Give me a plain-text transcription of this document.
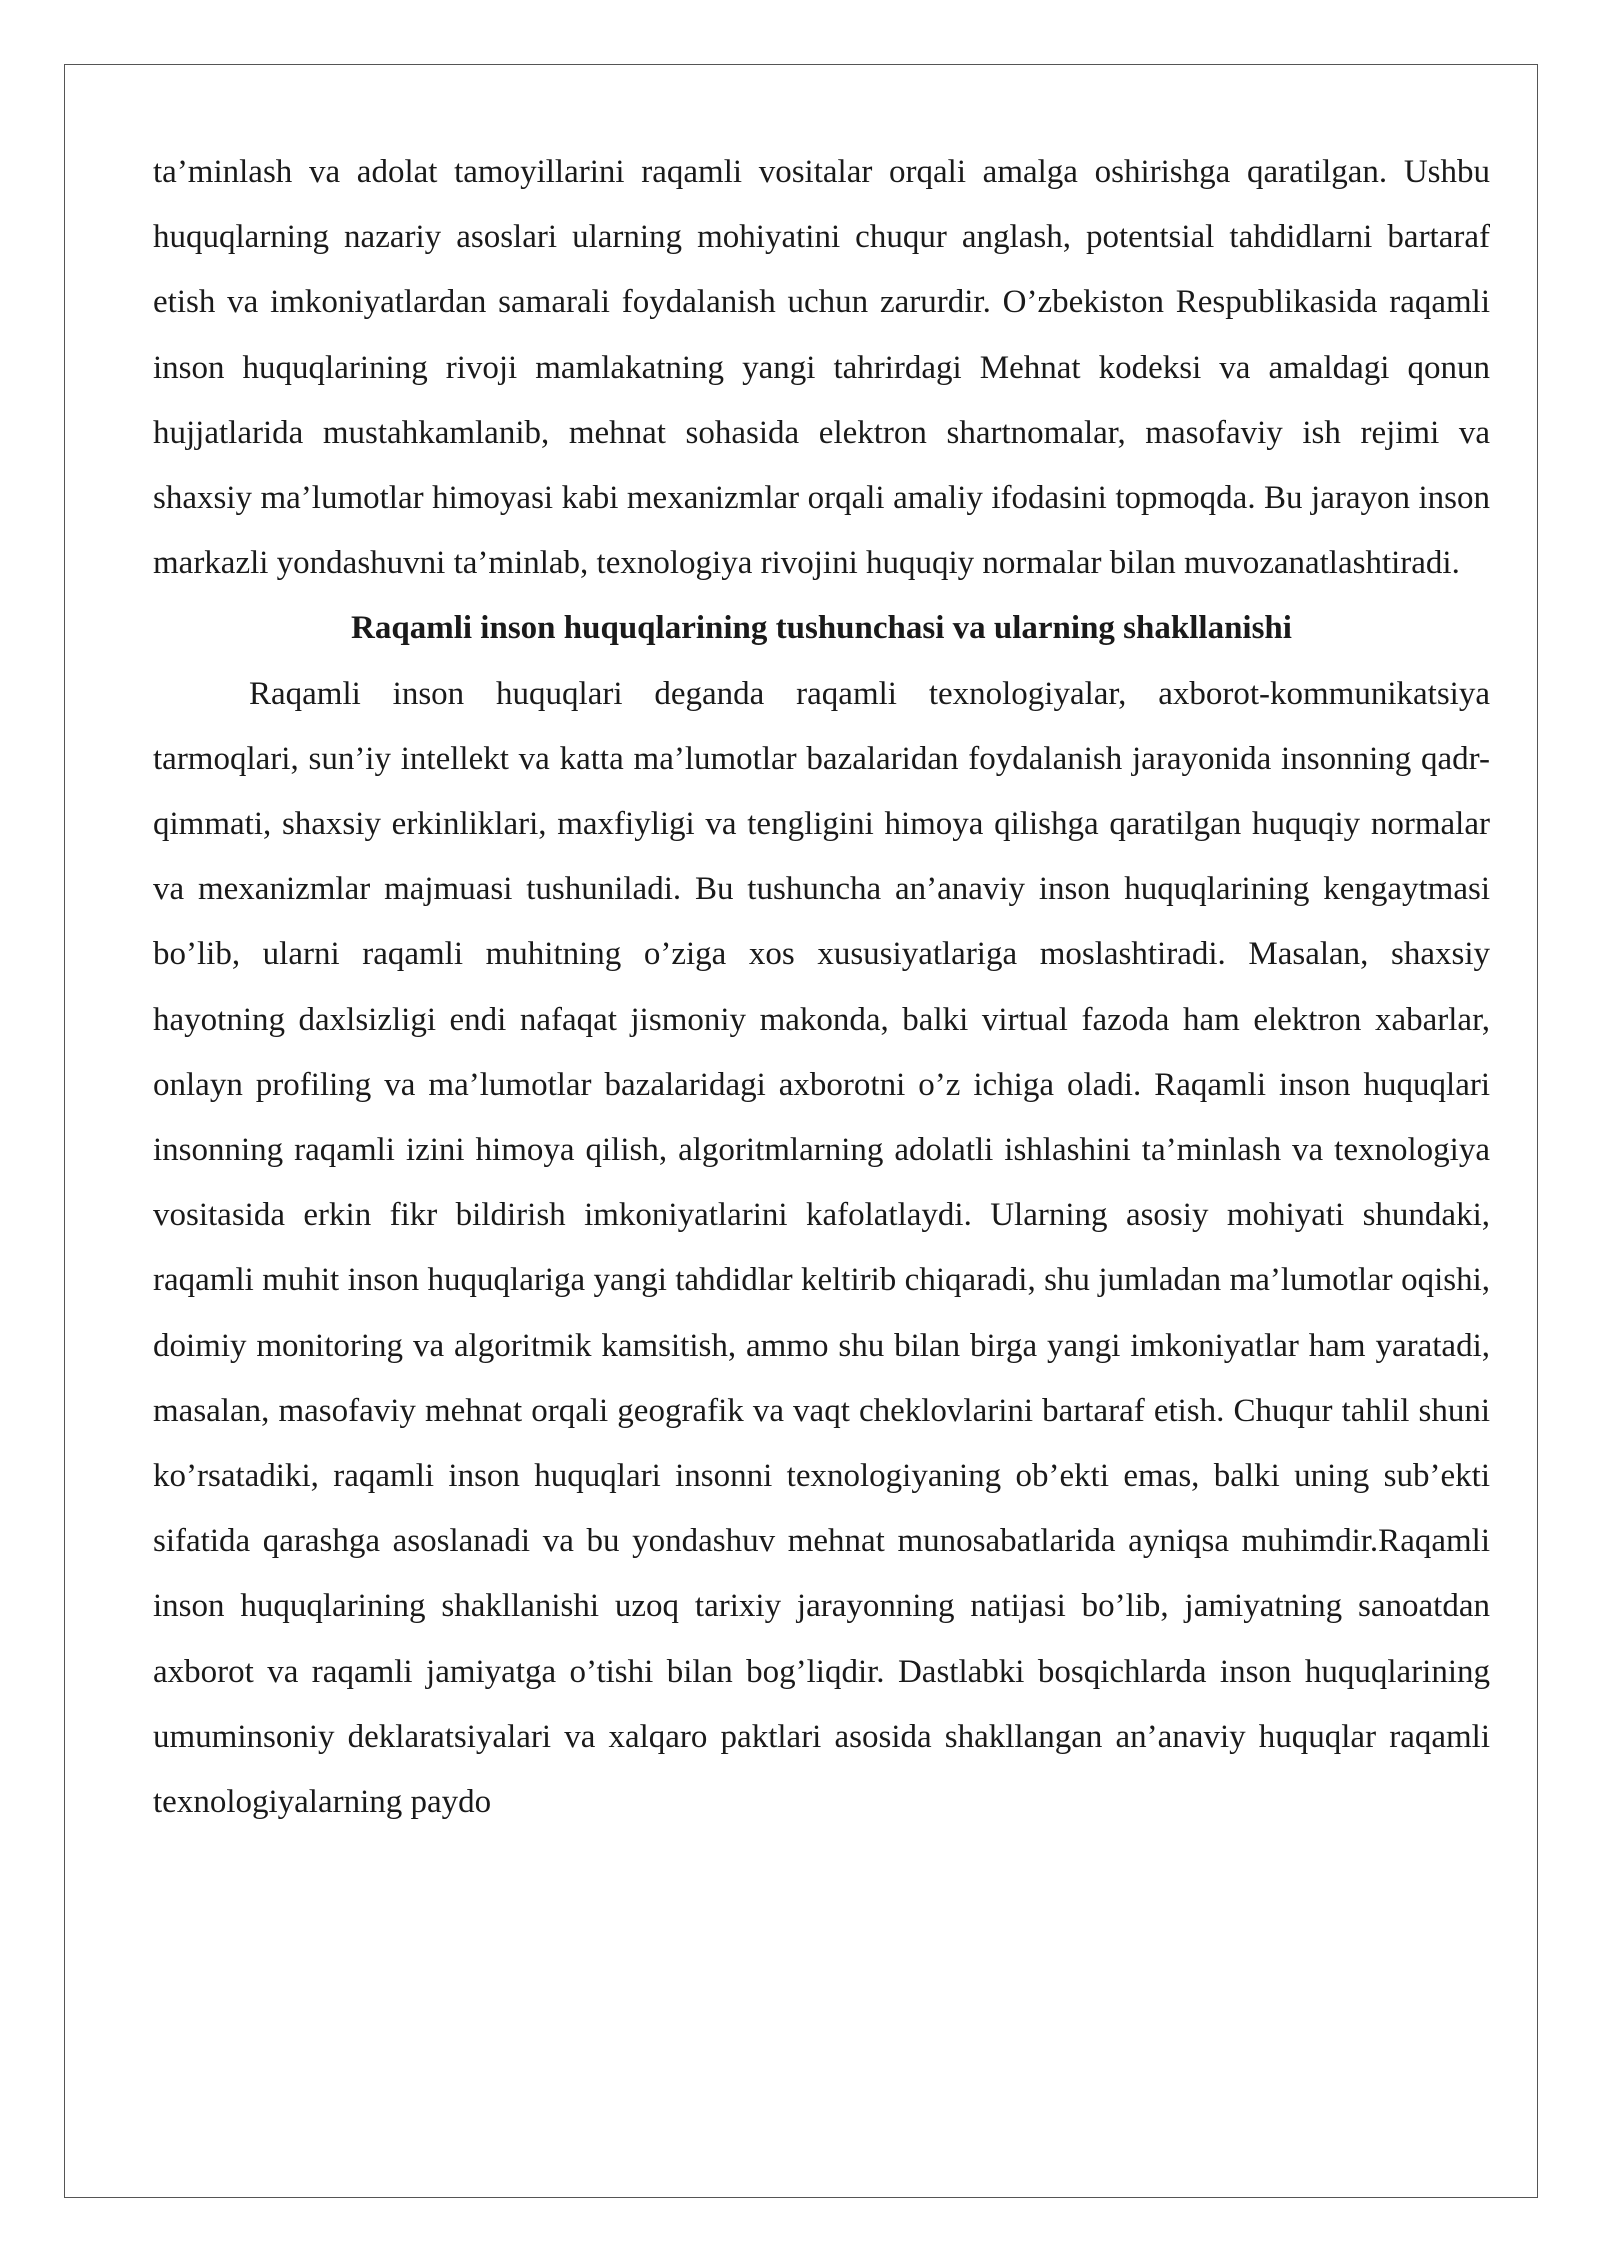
ta’minlash va adolat tamoyillarini raqamli vositalar orqali amalga oshirishga qaratilgan. Ushbu huquqlarning nazariy asoslari ularning mohiyatini chuqur anglash, potentsial tahdidlarni bartaraf etish va imkoniyatlardan samarali foydalanish uchun zarurdir. O’zbekiston Respublikasida raqamli inson huquqlarining rivoji mamlakatning yangi tahrirdagi Mehnat kodeksi va amaldagi qonun hujjatlarida mustahkamlanib, mehnat sohasida elektron shartnomalar, masofaviy ish rejimi va shaxsiy ma’lumotlar himoyasi kabi mexanizmlar orqali amaliy ifodasini topmoqda. Bu jarayon inson markazli yondashuvni ta’minlab, texnologiya rivojini huquqiy normalar bilan muvozanatlashtiradi.

Raqamli inson huquqlarining tushunchasi va ularning shakllanishi

Raqamli inson huquqlari deganda raqamli texnologiyalar, axborot-kommunikatsiya tarmoqlari, sun’iy intellekt va katta ma’lumotlar bazalaridan foydalanish jarayonida insonning qadr-qimmati, shaxsiy erkinliklari, maxfiyligi va tengligini himoya qilishga qaratilgan huquqiy normalar va mexanizmlar majmuasi tushuniladi. Bu tushuncha an’anaviy inson huquqlarining kengaytmasi bo’lib, ularni raqamli muhitning o’ziga xos xususiyatlariga moslashtiradi. Masalan, shaxsiy hayotning daxlsizligi endi nafaqat jismoniy makonda, balki virtual fazoda ham elektron xabarlar, onlayn profiling va ma’lumotlar bazalaridagi axborotni o’z ichiga oladi. Raqamli inson huquqlari insonning raqamli izini himoya qilish, algoritmlarning adolatli ishlashini ta’minlash va texnologiya vositasida erkin fikr bildirish imkoniyatlarini kafolatlaydi. Ularning asosiy mohiyati shundaki, raqamli muhit inson huquqlariga yangi tahdidlar keltirib chiqaradi, shu jumladan ma’lumotlar oqishi, doimiy monitoring va algoritmik kamsitish, ammo shu bilan birga yangi imkoniyatlar ham yaratadi, masalan, masofaviy mehnat orqali geografik va vaqt cheklovlarini bartaraf etish. Chuqur tahlil shuni ko’rsatadiki, raqamli inson huquqlari insonni texnologiyaning ob’ekti emas, balki uning sub’ekti sifatida qarashga asoslanadi va bu yondashuv mehnat munosabatlarida ayniqsa muhimdir.Raqamli inson huquqlarining shakllanishi uzoq tarixiy jarayonning natijasi bo’lib, jamiyatning sanoatdan axborot va raqamli jamiyatga o’tishi bilan bog’liqdir. Dastlabki bosqichlarda inson huquqlarining umuminsoniy deklaratsiyalari va xalqaro paktlari asosida shakllangan an’anaviy huquqlar raqamli texnologiyalarning paydo
